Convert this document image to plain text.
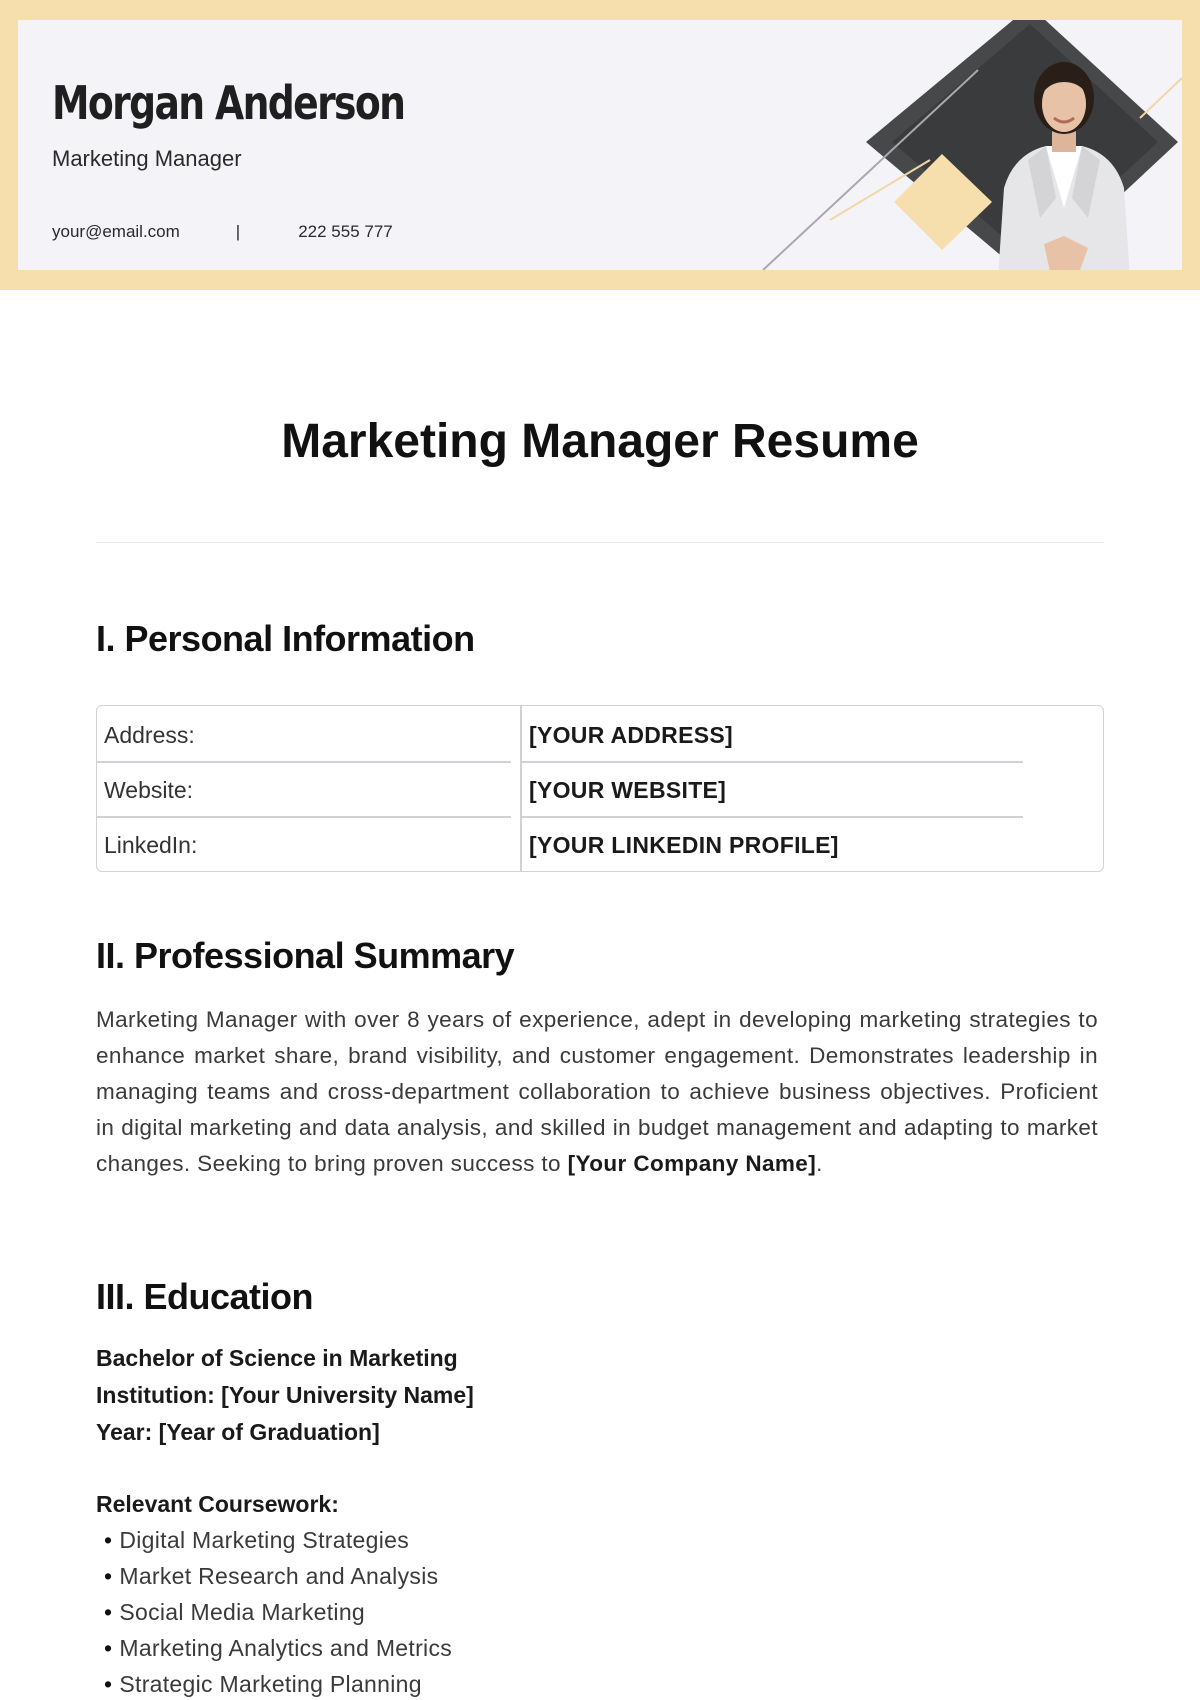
Morgan Anderson
Marketing Manager
your@email.com	|	222 555 777
Marketing Manager Resume
I. Personal Information
Address:	[YOUR ADDRESS]
Website:	[YOUR WEBSITE]
LinkedIn:	[YOUR LINKEDIN PROFILE]
II. Professional Summary

Marketing Manager with over 8 years of experience, adept in developing marketing strategies to enhance market share, brand visibility, and customer engagement. Demonstrates leadership in managing teams and cross-department collaboration to achieve business objectives. Proficient in digital marketing and data analysis, and skilled in budget management and adapting to market changes. Seeking to bring proven success to [Your Company Name].

III. Education
Bachelor of Science in Marketing
Institution: [Your University Name]
Year: [Year of Graduation]
Relevant Coursework:
• Digital Marketing Strategies
• Market Research and Analysis
• Social Media Marketing
• Marketing Analytics and Metrics
• Strategic Marketing Planning
